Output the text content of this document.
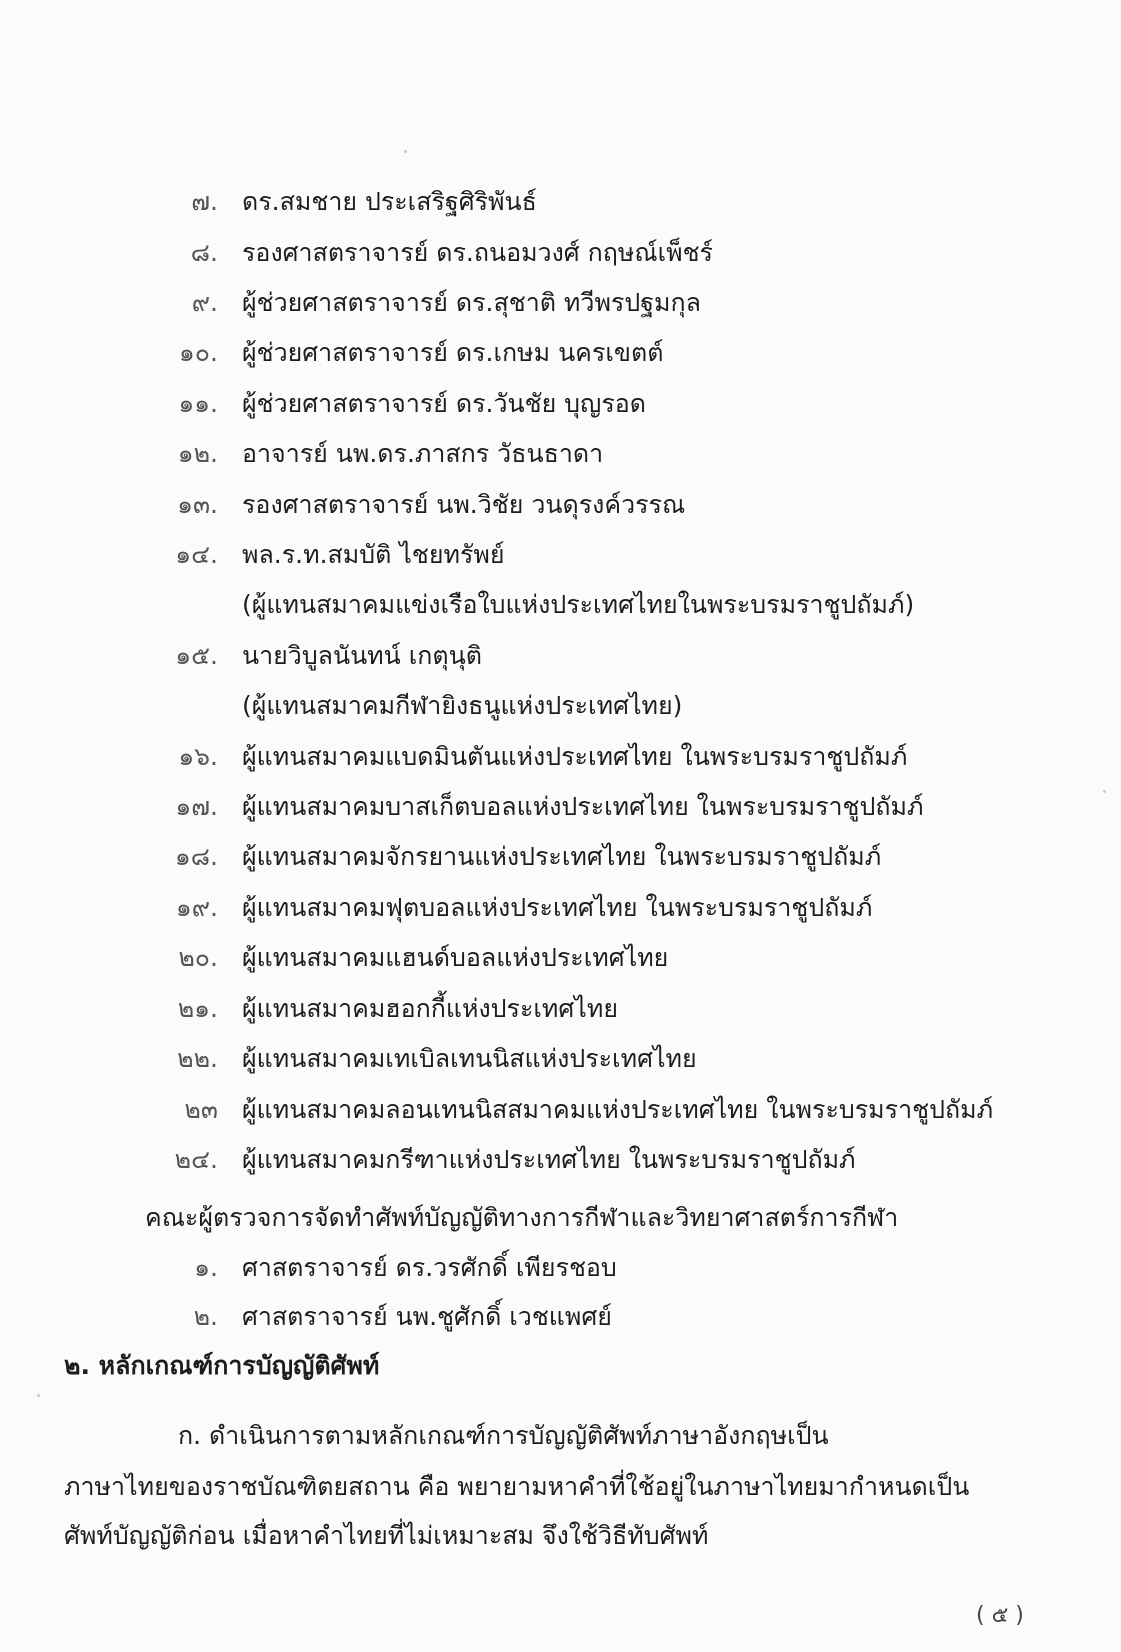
๗. ดร.สมชาย ประเสริฐศิริพันธ์
๘. รองศาสตราจารย์ ดร.ถนอมวงศ์ กฤษณ์เพ็ชร์
๙. ผู้ช่วยศาสตราจารย์ ดร.สุชาติ ทวีพรปฐมกุล
๑๐. ผู้ช่วยศาสตราจารย์ ดร.เกษม นครเขตต์
๑๑. ผู้ช่วยศาสตราจารย์ ดร.วันชัย บุญรอด
๑๒. อาจารย์ นพ.ดร.ภาสกร วัธนธาดา
๑๓. รองศาสตราจารย์ นพ.วิชัย วนดุรงค์วรรณ
๑๔. พล.ร.ท.สมบัติ ไชยทรัพย์
(ผู้แทนสมาคมแข่งเรือใบแห่งประเทศไทยในพระบรมราชูปถัมภ์)
๑๕. นายวิบูลนันทน์ เกตุนุติ
(ผู้แทนสมาคมกีฬายิงธนูแห่งประเทศไทย)
๑๖. ผู้แทนสมาคมแบดมินตันแห่งประเทศไทย ในพระบรมราชูปถัมภ์
๑๗. ผู้แทนสมาคมบาสเก็ตบอลแห่งประเทศไทย ในพระบรมราชูปถัมภ์
๑๘. ผู้แทนสมาคมจักรยานแห่งประเทศไทย ในพระบรมราชูปถัมภ์
๑๙. ผู้แทนสมาคมฟุตบอลแห่งประเทศไทย ในพระบรมราชูปถัมภ์
๒๐. ผู้แทนสมาคมแฮนด์บอลแห่งประเทศไทย
๒๑. ผู้แทนสมาคมฮอกกี้แห่งประเทศไทย
๒๒. ผู้แทนสมาคมเทเบิลเทนนิสแห่งประเทศไทย
๒๓ ผู้แทนสมาคมลอนเทนนิสสมาคมแห่งประเทศไทย ในพระบรมราชูปถัมภ์
๒๔. ผู้แทนสมาคมกรีฑาแห่งประเทศไทย ในพระบรมราชูปถัมภ์
คณะผู้ตรวจการจัดทำศัพท์บัญญัติทางการกีฬาและวิทยาศาสตร์การกีฬา
๑. ศาสตราจารย์ ดร.วรศักดิ์ เพียรชอบ
๒. ศาสตราจารย์ นพ.ชูศักดิ์ เวชแพศย์
๒. หลักเกณฑ์การบัญญัติศัพท์
ก. ดำเนินการตามหลักเกณฑ์การบัญญัติศัพท์ภาษาอังกฤษเป็น
ภาษาไทยของราชบัณฑิตยสถาน คือ พยายามหาคำที่ใช้อยู่ในภาษาไทยมากำหนดเป็น
ศัพท์บัญญัติก่อน เมื่อหาคำไทยที่ไม่เหมาะสม จึงใช้วิธีทับศัพท์
( ๕ )
